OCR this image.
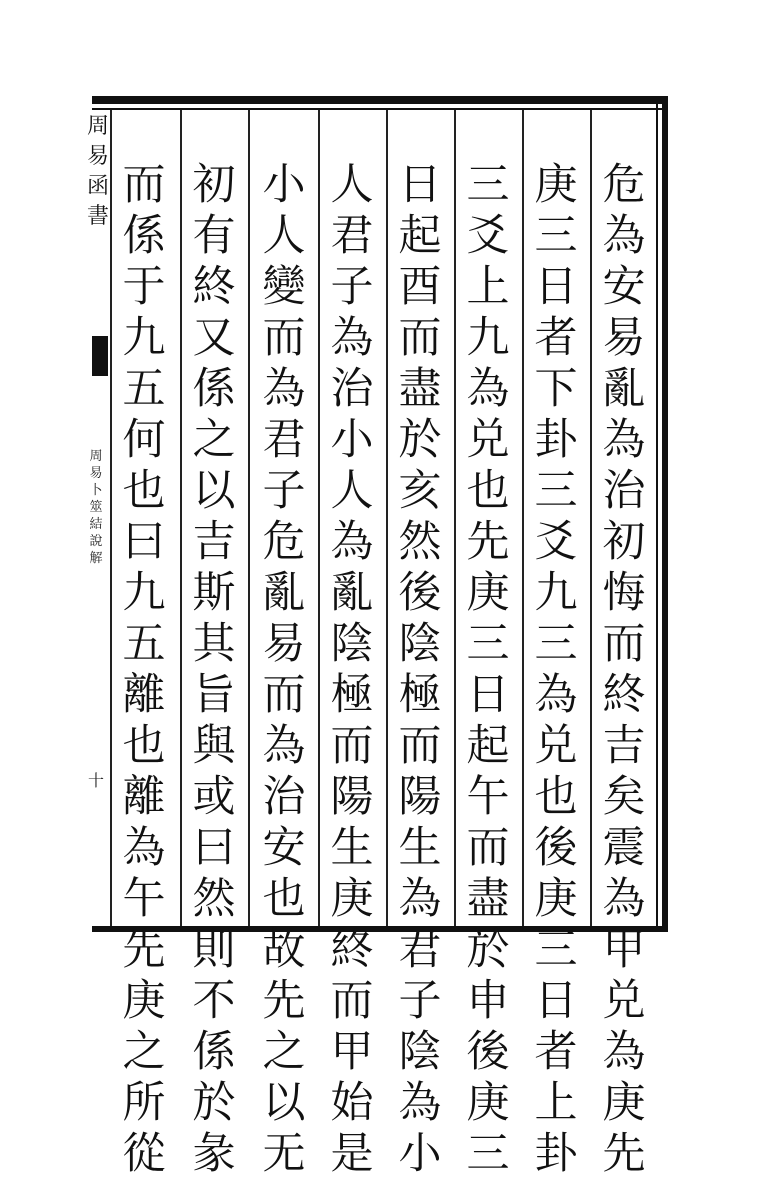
周易函書
周易卜筮結說解
十
危為安易亂為治初悔而終吉矣震為甲兑為庚先
庚三日者下卦三爻九三為兑也後庚三日者上卦
三爻上九為兑也先庚三日起午而盡於申後庚三
日起酉而盡於亥然後陰極而陽生為君子陰為小
人君子為治小人為亂陰極而陽生庚終而甲始是
小人變而為君子危亂易而為治安也故先之以无
初有終又係之以吉斯其旨與或曰然則不係於彖
而係于九五何也曰九五離也離為午先庚之所從
